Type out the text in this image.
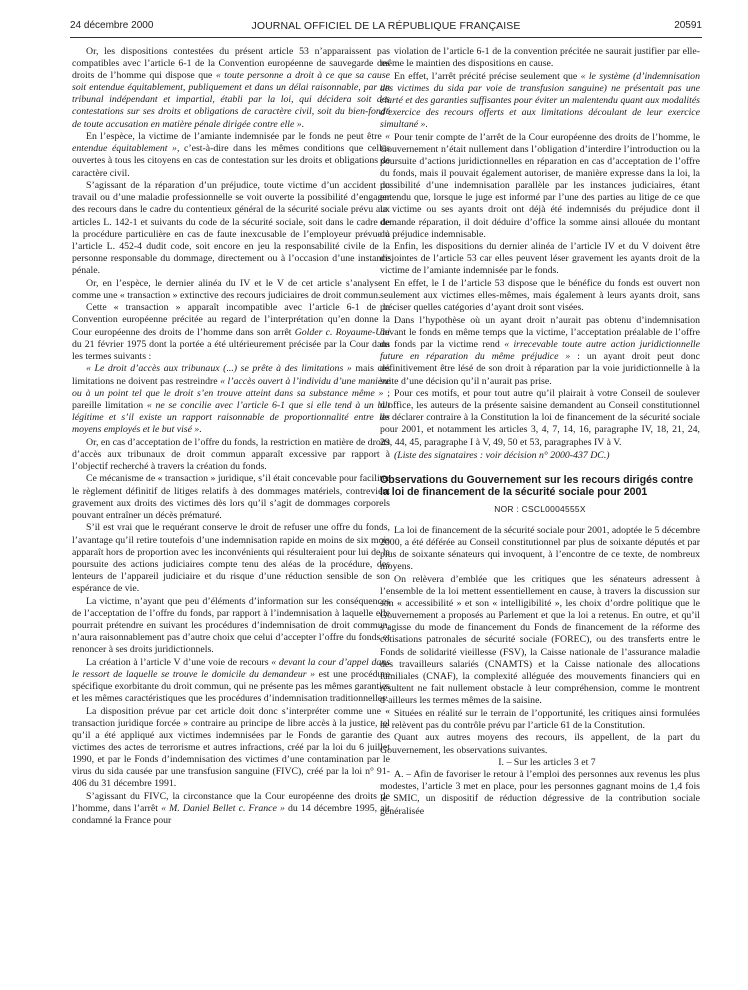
24 décembre 2000	JOURNAL OFFICIEL DE LA RÉPUBLIQUE FRANÇAISE	20591

Or, les dispositions contestées du présent article 53 n’apparaissent pas compatibles avec l’article 6-1 de la Convention européenne de sauvegarde des droits de l’homme qui dispose que « toute personne a droit à ce que sa cause soit entendue équitablement, publiquement et dans un délai raisonnable, par un tribunal indépendant et impartial, établi par la loi, qui décidera soit des contestations sur ses droits et obligations de caractère civil, soit du bien-fondé de toute accusation en matière pénale dirigée contre elle ».

En l’espèce, la victime de l’amiante indemnisée par le fonds ne peut être « entendue équitablement », c’est-à-dire dans les mêmes conditions que celles ouvertes à tous les citoyens en cas de contestation sur les droits et obligations de caractère civil.

S’agissant de la réparation d’un préjudice, toute victime d’un accident du travail ou d’une maladie professionnelle se voit ouverte la possibilité d’engager des recours dans le cadre du contentieux général de la sécurité sociale prévu aux articles L. 142-1 et suivants du code de la sécurité sociale, soit dans le cadre de la procédure particulière en cas de faute inexcusable de l’employeur prévue à l’article L. 452-4 dudit code, soit encore en jeu la responsabilité civile de la personne responsable du dommage, directement ou à l’occasion d’une instance pénale.

Or, en l’espèce, le dernier alinéa du IV et le V de cet article s’analysent comme une « transaction » extinctive des recours judiciaires de droit commun.

Cette « transaction » apparaît incompatible avec l’article 6-1 de la Convention européenne précitée au regard de l’interprétation qu’en donne la Cour européenne des droits de l’homme dans son arrêt Golder c. Royaume-Uni du 21 février 1975 dont la portée a été ultérieurement précisée par la Cour dans les termes suivants :

« Le droit d’accès aux tribunaux (...) se prête à des limitations » mais ces limitations ne doivent pas restreindre « l’accès ouvert à l’individu d’une manière ou à un point tel que le droit s’en trouve atteint dans sa substance même » ; pareille limitation « ne se concilie avec l’article 6-1 que si elle tend à un but légitime et s’il existe un rapport raisonnable de proportionnalité entre les moyens employés et le but visé ».

Or, en cas d’acceptation de l’offre du fonds, la restriction en matière de droits d’accès aux tribunaux de droit commun apparaît excessive par rapport à l’objectif recherché à travers la création du fonds.

Ce mécanisme de « transaction » juridique, s’il était concevable pour faciliter le règlement définitif de litiges relatifs à des dommages matériels, contrevient gravement aux droits des victimes dès lors qu’il s’agit de dommages corporels pouvant entraîner un décès prématuré.

S’il est vrai que le requérant conserve le droit de refuser une offre du fonds, l’avantage qu’il retire toutefois d’une indemnisation rapide en moins de six mois apparaît hors de proportion avec les inconvénients qui résulteraient pour lui de la poursuite des actions judiciaires compte tenu des aléas de la procédure, des lenteurs de l’appareil judiciaire et du risque d’une réduction sensible de son espérance de vie.

La victime, n’ayant que peu d’éléments d’information sur les conséquences de l’acceptation de l’offre du fonds, par rapport à l’indemnisation à laquelle elle pourrait prétendre en suivant les procédures d’indemnisation de droit commun, n’aura raisonnablement pas d’autre choix que celui d’accepter l’offre du fonds et renoncer à ses droits juridictionnels.

La création à l’article V d’une voie de recours « devant la cour d’appel dans le ressort de laquelle se trouve le domicile du demandeur » est une procédure spécifique exorbitante du droit commun, qui ne présente pas les mêmes garanties et les mêmes caractéristiques que les procédures d’indemnisation traditionnelles.

La disposition prévue par cet article doit donc s’interpréter comme une « transaction juridique forcée » contraire au principe de libre accès à la justice, tel qu’il a été appliqué aux victimes indemnisées par le Fonds de garantie des victimes des actes de terrorisme et autres infractions, créé par la loi du 6 juillet 1990, et par le Fonds d’indemnisation des victimes d’une contamination par le virus du sida causée par une transfusion sanguine (FIVC), créé par la loi n° 91-406 du 31 décembre 1991.

S’agissant du FIVC, la circonstance que la Cour européenne des droits de l’homme, dans l’arrêt « M. Daniel Bellet c. France » du 14 décembre 1995, ait condamné la France pour

violation de l’article 6-1 de la convention précitée ne saurait justifier par elle-même le maintien des dispositions en cause.

En effet, l’arrêt précité précise seulement que « le système (d’indemnisation des victimes du sida par voie de transfusion sanguine) ne présentait pas une clarté et des garanties suffisantes pour éviter un malentendu quant aux modalités d’exercice des recours offerts et aux limitations découlant de leur exercice simultané ».

Pour tenir compte de l’arrêt de la Cour européenne des droits de l’homme, le Gouvernement n’était nullement dans l’obligation d’interdire l’introduction ou la poursuite d’actions juridictionnelles en réparation en cas d’acceptation de l’offre du fonds, mais il pouvait également autoriser, de manière expresse dans la loi, la possibilité d’une indemnisation parallèle par les instances judiciaires, étant entendu que, lorsque le juge est informé par l’une des parties au litige de ce que la victime ou ses ayants droit ont déjà été indemnisés du préjudice dont il demande réparation, il doit déduire d’office la somme ainsi allouée du montant du préjudice indemnisable.

Enfin, les dispositions du dernier alinéa de l’article IV et du V doivent être disjointes de l’article 53 car elles peuvent léser gravement les ayants droit de la victime de l’amiante indemnisée par le fonds.

En effet, le I de l’article 53 dispose que le bénéfice du fonds est ouvert non seulement aux victimes elles-mêmes, mais également à leurs ayants droit, sans préciser quelles catégories d’ayant droit sont visées.

Dans l’hypothèse où un ayant droit n’aurait pas obtenu d’indemnisation devant le fonds en même temps que la victime, l’acceptation préalable de l’offre du fonds par la victime rend « irrecevable toute autre action juridictionnelle future en réparation du même préjudice » : un ayant droit peut donc définitivement être lésé de son droit à réparation par la voie juridictionnelle à la suite d’une décision qu’il n’aurait pas prise.

Pour ces motifs, et pour tout autre qu’il plairait à votre Conseil de soulever d’office, les auteurs de la présente saisine demandent au Conseil constitutionnel de déclarer contraire à la Constitution la loi de financement de la sécurité sociale pour 2001, et notamment les articles 3, 4, 7, 14, 16, paragraphe IV, 18, 21, 24, 29, 44, 45, paragraphe I à V, 49, 50 et 53, paragraphes IV à V.

(Liste des signataires : voir décision n° 2000-437 DC.)

Observations du Gouvernement sur les recours dirigés contre la loi de financement de la sécurité sociale pour 2001
NOR : CSCL0004555X

La loi de financement de la sécurité sociale pour 2001, adoptée le 5 décembre 2000, a été déférée au Conseil constitutionnel par plus de soixante députés et par plus de soixante sénateurs qui invoquent, à l’encontre de ce texte, de nombreux moyens.

On relèvera d’emblée que les critiques que les sénateurs adressent à l’ensemble de la loi mettent essentiellement en cause, à travers la discussion sur son « accessibilité » et son « intelligibilité », les choix d’ordre politique que le Gouvernement a proposés au Parlement et que la loi a retenus. En outre, et qu’il s’agisse du mode de financement du Fonds de financement de la réforme des cotisations patronales de sécurité sociale (FOREC), ou des transferts entre le Fonds de solidarité vieillesse (FSV), la Caisse nationale de l’assurance maladie des travailleurs salariés (CNAMTS) et la Caisse nationale des allocations familiales (CNAF), la complexité alléguée des mouvements financiers qui en résultent ne fait nullement obstacle à leur compréhension, comme le montrent d’ailleurs les termes mêmes de la saisine.

Situées en réalité sur le terrain de l’opportunité, les critiques ainsi formulées ne relèvent pas du contrôle prévu par l’article 61 de la Constitution.

Quant aux autres moyens des recours, ils appellent, de la part du Gouvernement, les observations suivantes.

I. – Sur les articles 3 et 7

A. – Afin de favoriser le retour à l’emploi des personnes aux revenus les plus modestes, l’article 3 met en place, pour les personnes gagnant moins de 1,4 fois le SMIC, un dispositif de réduction dégressive de la contribution sociale généralisée
